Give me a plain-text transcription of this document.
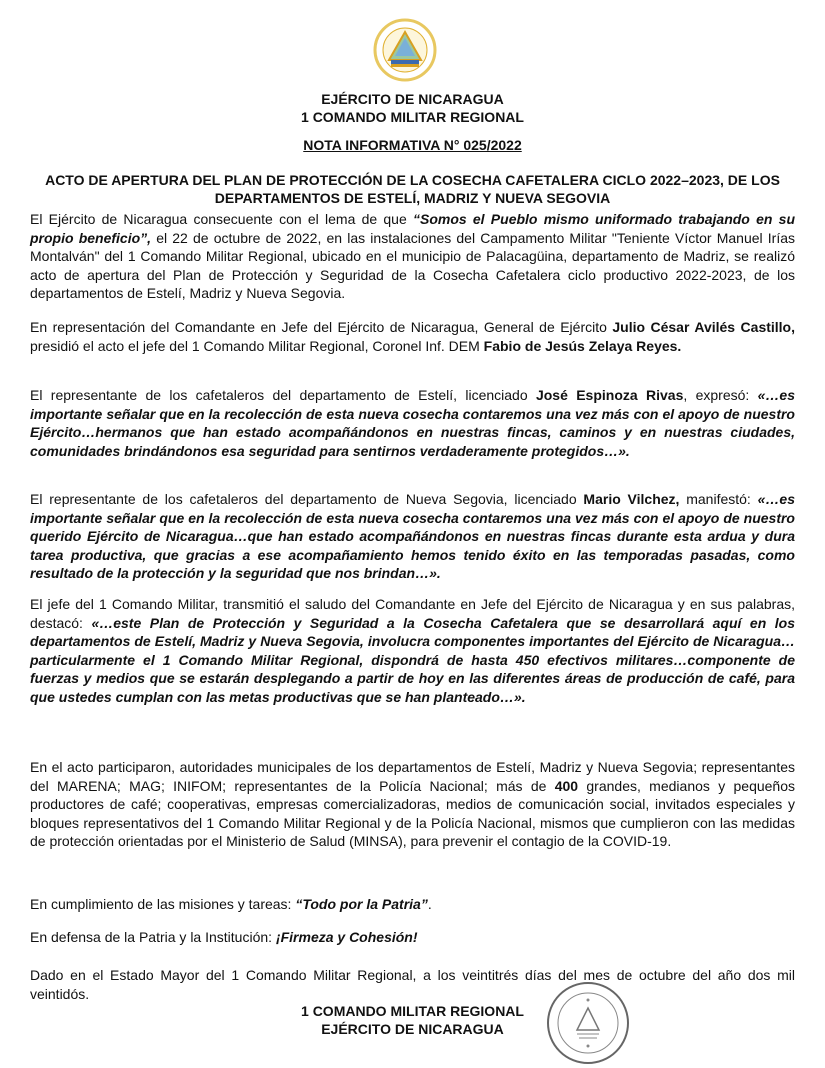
EJÉRCITO DE NICARAGUA
1 COMANDO MILITAR REGIONAL
NOTA INFORMATIVA N° 025/2022
ACTO DE APERTURA DEL PLAN DE PROTECCIÓN DE LA COSECHA CAFETALERA CICLO 2022–2023, DE LOS DEPARTAMENTOS DE ESTELÍ, MADRIZ Y NUEVA SEGOVIA
El Ejército de Nicaragua consecuente con el lema de que “Somos el Pueblo mismo uniformado trabajando en su propio beneficio”, el 22 de octubre de 2022, en las instalaciones del Campamento Militar "Teniente Víctor Manuel Irías Montalván" del 1 Comando Militar Regional, ubicado en el municipio de Palacagüina, departamento de Madriz, se realizó acto de apertura del Plan de Protección y Seguridad de la Cosecha Cafetalera ciclo productivo 2022-2023, de los departamentos de Estelí, Madriz y Nueva Segovia.
En representación del Comandante en Jefe del Ejército de Nicaragua, General de Ejército Julio César Avilés Castillo, presidió el acto el jefe del 1 Comando Militar Regional, Coronel Inf. DEM Fabio de Jesús Zelaya Reyes.
El representante de los cafetaleros del departamento de Estelí, licenciado José Espinoza Rivas, expresó: «…es importante señalar que en la recolección de esta nueva cosecha contaremos una vez más con el apoyo de nuestro Ejército…hermanos que han estado acompañándonos en nuestras fincas, caminos y en nuestras ciudades, comunidades brindándonos esa seguridad para sentirnos verdaderamente protegidos…».
El representante de los cafetaleros del departamento de Nueva Segovia, licenciado Mario Vilchez, manifestó: «…es importante señalar que en la recolección de esta nueva cosecha contaremos una vez más con el apoyo de nuestro querido Ejército de Nicaragua…que han estado acompañándonos en nuestras fincas durante esta ardua y dura tarea productiva, que gracias a ese acompañamiento hemos tenido éxito en las temporadas pasadas, como resultado de la protección y la seguridad que nos brindan…».
El jefe del 1 Comando Militar, transmitió el saludo del Comandante en Jefe del Ejército de Nicaragua y en sus palabras, destacó: «…este Plan de Protección y Seguridad a la Cosecha Cafetalera que se desarrollará aquí en los departamentos de Estelí, Madriz y Nueva Segovia, involucra componentes importantes del Ejército de Nicaragua…particularmente el 1 Comando Militar Regional, dispondrá de hasta 450 efectivos militares…componente de fuerzas y medios que se estarán desplegando a partir de hoy en las diferentes áreas de producción de café, para que ustedes cumplan con las metas productivas que se han planteado…».
En el acto participaron, autoridades municipales de los departamentos de Estelí, Madriz y Nueva Segovia; representantes del MARENA; MAG; INIFOM; representantes de la Policía Nacional; más de 400 grandes, medianos y pequeños productores de café; cooperativas, empresas comercializadoras, medios de comunicación social, invitados especiales y bloques representativos del 1 Comando Militar Regional y de la Policía Nacional, mismos que cumplieron con las medidas de protección orientadas por el Ministerio de Salud (MINSA), para prevenir el contagio de la COVID-19.
En cumplimiento de las misiones y tareas: “Todo por la Patria”.
En defensa de la Patria y la Institución: ¡Firmeza y Cohesión!
Dado en el Estado Mayor del 1 Comando Militar Regional, a los veintitrés días del mes de octubre del año dos mil veintidós.
1 COMANDO MILITAR REGIONAL
EJÉRCITO DE NICARAGUA
